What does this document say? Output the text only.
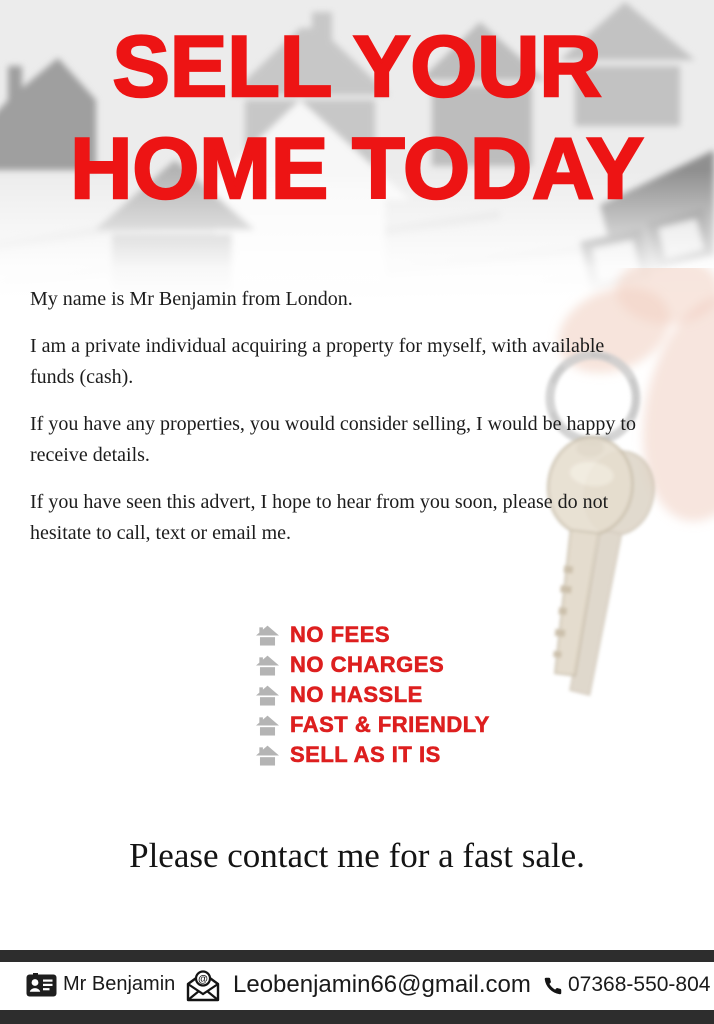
SELL YOUR
HOME TODAY

My name is Mr Benjamin from London.

I am a private individual acquiring a property for myself, with available
funds (cash).

If you have any properties, you would consider selling, I would be happy to
receive details.

If you have seen this advert, I hope to hear from you soon, please do not
hesitate to call, text or email me.

NO FEES
NO CHARGES
NO HASSLE
FAST & FRIENDLY
SELL AS IT IS
Please contact me for a fast sale.
Mr Benjamin @ Leobenjamin66@gmail.com 07368-550-804
